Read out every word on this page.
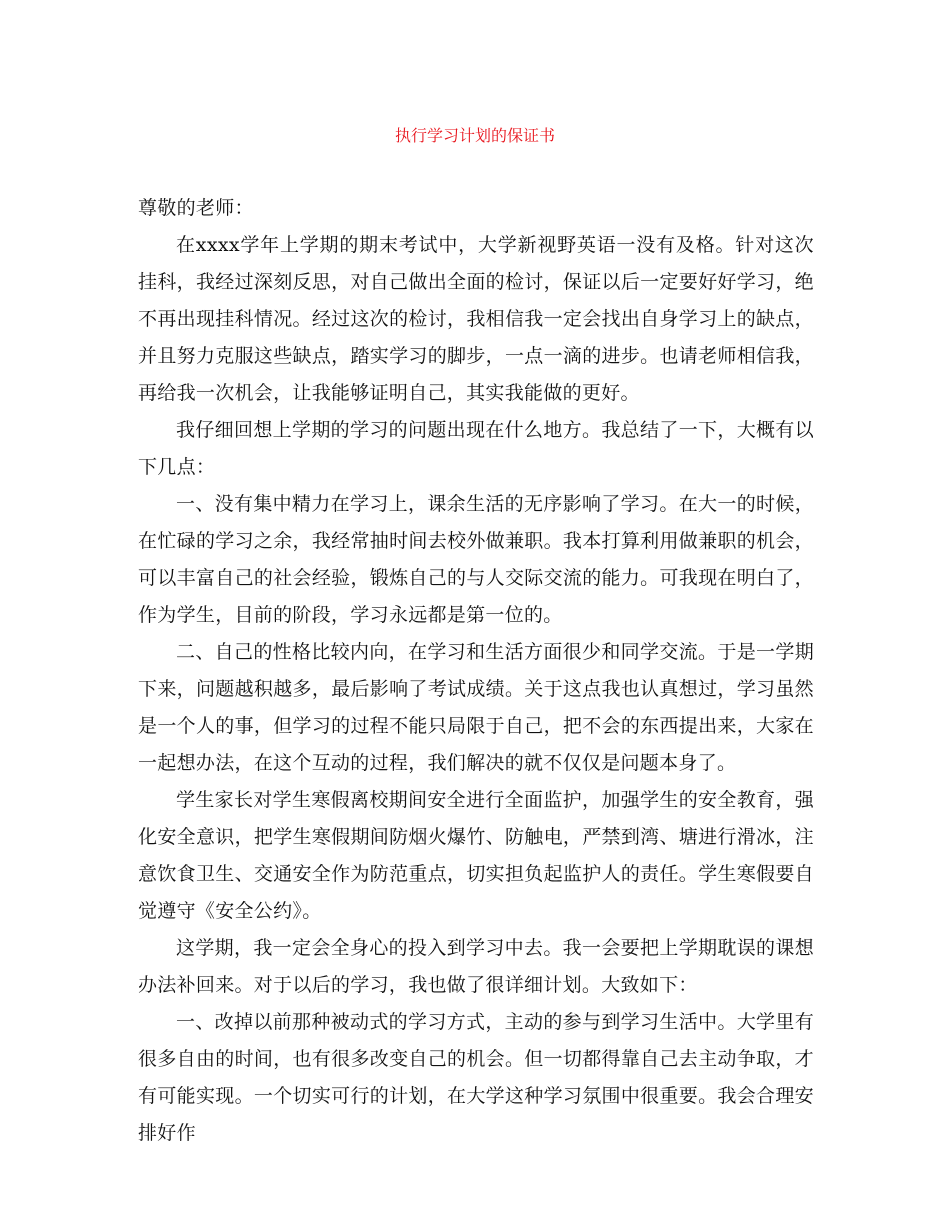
执行学习计划的保证书

尊敬的老师：

在xxxx学年上学期的期末考试中，大学新视野英语一没有及格。针对这次挂科，我经过深刻反思，对自己做出全面的检讨，保证以后一定要好好学习，绝不再出现挂科情况。经过这次的检讨，我相信我一定会找出自身学习上的缺点，并且努力克服这些缺点，踏实学习的脚步，一点一滴的进步。也请老师相信我，再给我一次机会，让我能够证明自己，其实我能做的更好。

我仔细回想上学期的学习的问题出现在什么地方。我总结了一下，大概有以下几点：

一、没有集中精力在学习上，课余生活的无序影响了学习。在大一的时候，在忙碌的学习之余，我经常抽时间去校外做兼职。我本打算利用做兼职的机会，可以丰富自己的社会经验，锻炼自己的与人交际交流的能力。可我现在明白了，作为学生，目前的阶段，学习永远都是第一位的。

二、自己的性格比较内向，在学习和生活方面很少和同学交流。于是一学期下来，问题越积越多，最后影响了考试成绩。关于这点我也认真想过，学习虽然是一个人的事，但学习的过程不能只局限于自己，把不会的东西提出来，大家在一起想办法，在这个互动的过程，我们解决的就不仅仅是问题本身了。

学生家长对学生寒假离校期间安全进行全面监护，加强学生的安全教育，强化安全意识，把学生寒假期间防烟火爆竹、防触电，严禁到湾、塘进行滑冰，注意饮食卫生、交通安全作为防范重点，切实担负起监护人的责任。学生寒假要自觉遵守《安全公约》。

这学期，我一定会全身心的投入到学习中去。我一会要把上学期耽误的课想办法补回来。对于以后的学习，我也做了很详细计划。大致如下：

一、改掉以前那种被动式的学习方式，主动的参与到学习生活中。大学里有很多自由的时间，也有很多改变自己的机会。但一切都得靠自己去主动争取，才有可能实现。一个切实可行的计划，在大学这种学习氛围中很重要。我会合理安排好作
